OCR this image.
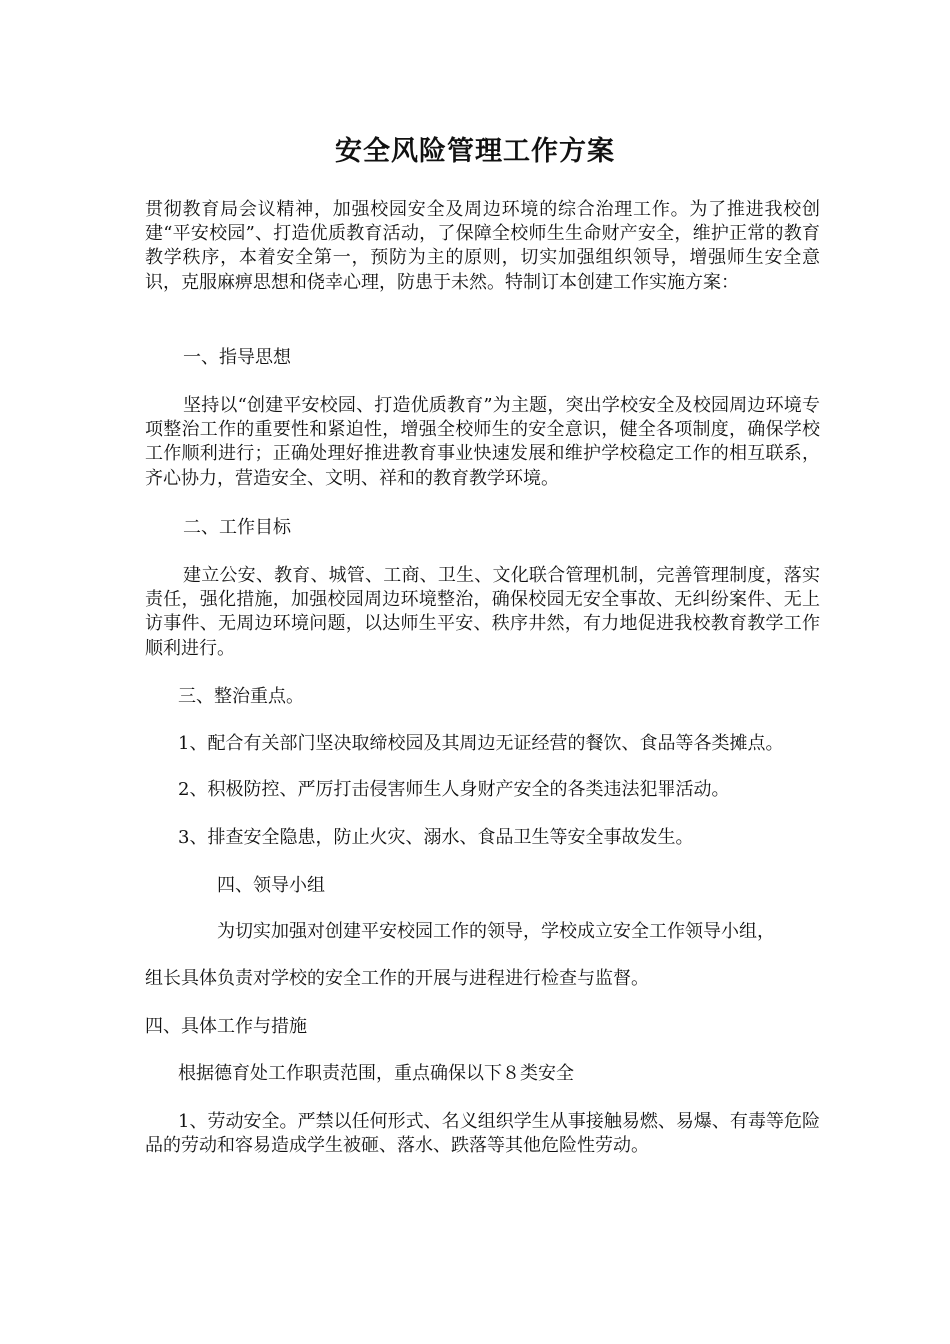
安全风险管理工作方案

贯彻教育局会议精神，加强校园安全及周边环境的综合治理工作。为了推进我校创建“平安校园”、打造优质教育活动，了保障全校师生生命财产安全，维护正常的教育教学秩序，本着安全第一，预防为主的原则，切实加强组织领导，增强师生安全意识，克服麻痹思想和侥幸心理，防患于未然。特制订本创建工作实施方案：

一、指导思想

坚持以“创建平安校园、打造优质教育”为主题，突出学校安全及校园周边环境专项整治工作的重要性和紧迫性，增强全校师生的安全意识，健全各项制度，确保学校工作顺利进行；正确处理好推进教育事业快速发展和维护学校稳定工作的相互联系，齐心协力，营造安全、文明、祥和的教育教学环境。

二、工作目标

建立公安、教育、城管、工商、卫生、文化联合管理机制，完善管理制度，落实责任，强化措施，加强校园周边环境整治，确保校园无安全事故、无纠纷案件、无上访事件、无周边环境问题，以达师生平安、秩序井然，有力地促进我校教育教学工作顺利进行。

三、整治重点。

1、配合有关部门坚决取缔校园及其周边无证经营的餐饮、食品等各类摊点。

2、积极防控、严厉打击侵害师生人身财产安全的各类违法犯罪活动。

3、排查安全隐患，防止火灾、溺水、食品卫生等安全事故发生。

四、领导小组

为切实加强对创建平安校园工作的领导，学校成立安全工作领导小组，

组长具体负责对学校的安全工作的开展与进程进行检查与监督。

四、具体工作与措施

根据德育处工作职责范围，重点确保以下８类安全

1、劳动安全。严禁以任何形式、名义组织学生从事接触易燃、易爆、有毒等危险品的劳动和容易造成学生被砸、落水、跌落等其他危险性劳动。
